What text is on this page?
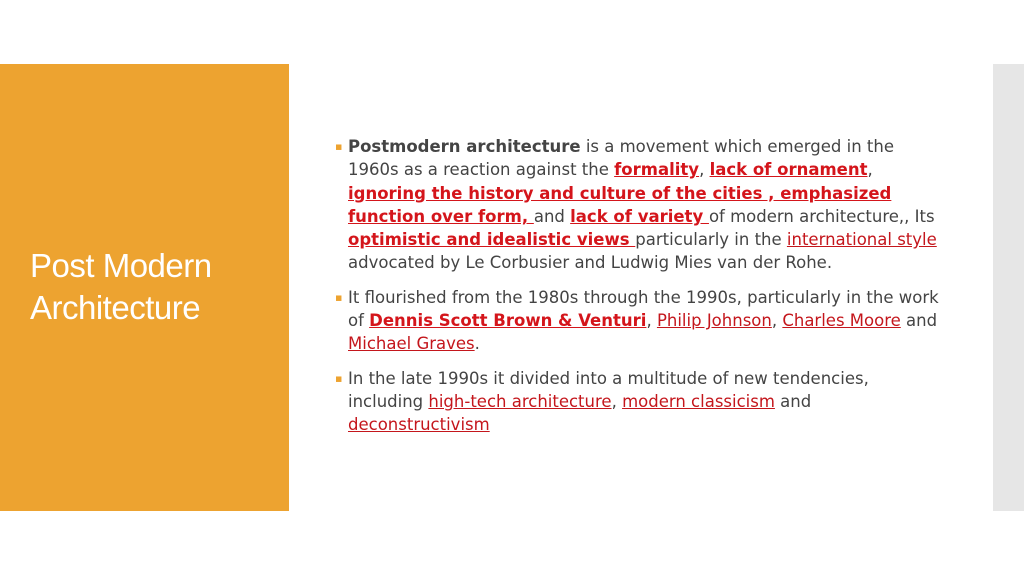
Post Modern
Architecture
▪ Postmodern architecture is a movement which emerged in the 1960s as a reaction against the formality, lack of ornament, ignoring the history and culture of the cities , emphasized function over form, and lack of variety of modern architecture,, Its optimistic and idealistic views particularly in the international style advocated by Le Corbusier and Ludwig Mies van der Rohe.
▪ It flourished from the 1980s through the 1990s, particularly in the work of Dennis Scott Brown & Venturi, Philip Johnson, Charles Moore and Michael Graves.
▪ In the late 1990s it divided into a multitude of new tendencies, including high-tech architecture, modern classicism and deconstructivism
